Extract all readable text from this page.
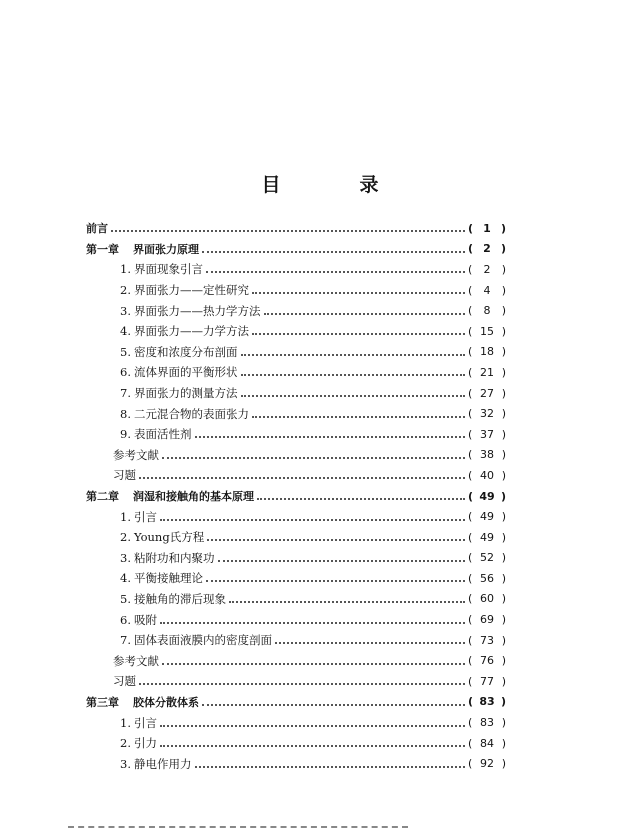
目　录
前言	( 1 )
第一章 界面张力原理	( 2 )
1. 界面现象引言	(	2	)
2. 界面张力——定性研究	(	4	)
3. 界面张力——热力学方法	(	8	)
4. 界面张力——力学方法	( 15 )
5. 密度和浓度分布剖面	( 18 )
6. 流体界面的平衡形状	( 21 )
7. 界面张力的测量方法	( 27 )
8. 二元混合物的表面张力	( 32 )
9. 表面活性剂	( 37 )
参考文献	( 38 )
习题	( 40 )
第二章 润湿和接触角的基本原理	( 49 )
1. 引言	( 49 )
2. Young氏方程	( 49 )
3. 粘附功和内聚功	( 52 )
4. 平衡接触理论	( 56 )
5. 接触角的滞后现象	( 60 )
6. 吸附	( 69 )
7. 固体表面液膜内的密度剖面	( 73 )
参考文献	( 76 )
习题	( 77 )
第三章 胶体分散体系	( 83 )
1. 引言	( 83 )
2. 引力	( 84 )
3. 静电作用力	( 92 )
